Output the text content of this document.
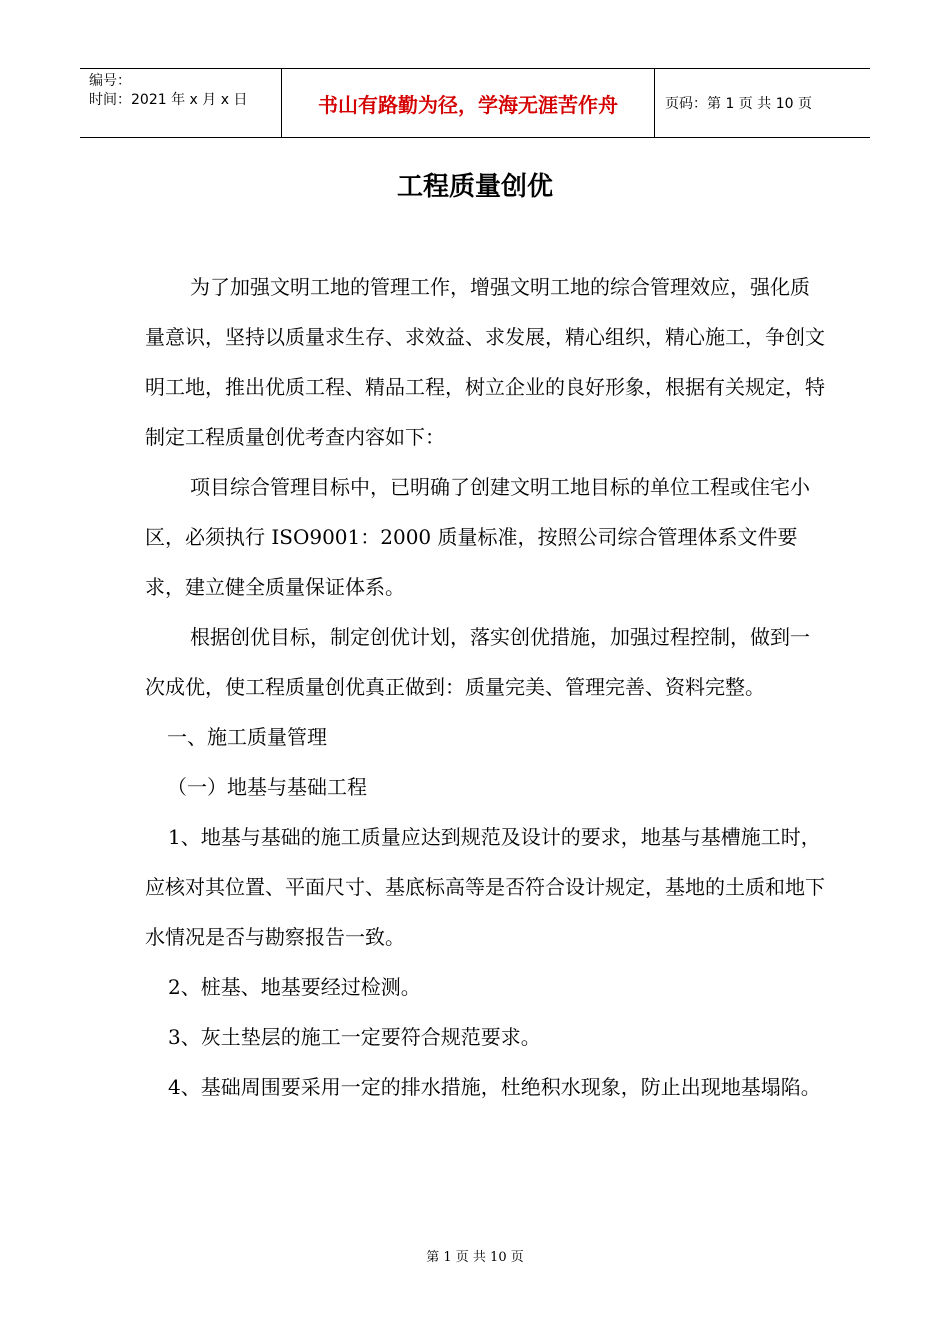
编号：
时间：2021 年 x 月 x 日	书山有路勤为径，学海无涯苦作舟	页码：第 1 页 共 10 页
工程质量创优

为了加强文明工地的管理工作，增强文明工地的综合管理效应，强化质量意识，坚持以质量求生存、求效益、求发展，精心组织，精心施工，争创文明工地，推出优质工程、精品工程，树立企业的良好形象，根据有关规定，特制定工程质量创优考查内容如下：

项目综合管理目标中，已明确了创建文明工地目标的单位工程或住宅小区，必须执行 ISO9001：2000 质量标准，按照公司综合管理体系文件要求，建立健全质量保证体系。

根据创优目标，制定创优计划，落实创优措施，加强过程控制，做到一次成优，使工程质量创优真正做到：质量完美、管理完善、资料完整。

一、施工质量管理

（一）地基与基础工程

1、地基与基础的施工质量应达到规范及设计的要求，地基与基槽施工时，应核对其位置、平面尺寸、基底标高等是否符合设计规定，基地的土质和地下水情况是否与勘察报告一致。

2、桩基、地基要经过检测。

3、灰土垫层的施工一定要符合规范要求。

4、基础周围要采用一定的排水措施，杜绝积水现象，防止出现地基塌陷。

第 1 页 共 10 页
